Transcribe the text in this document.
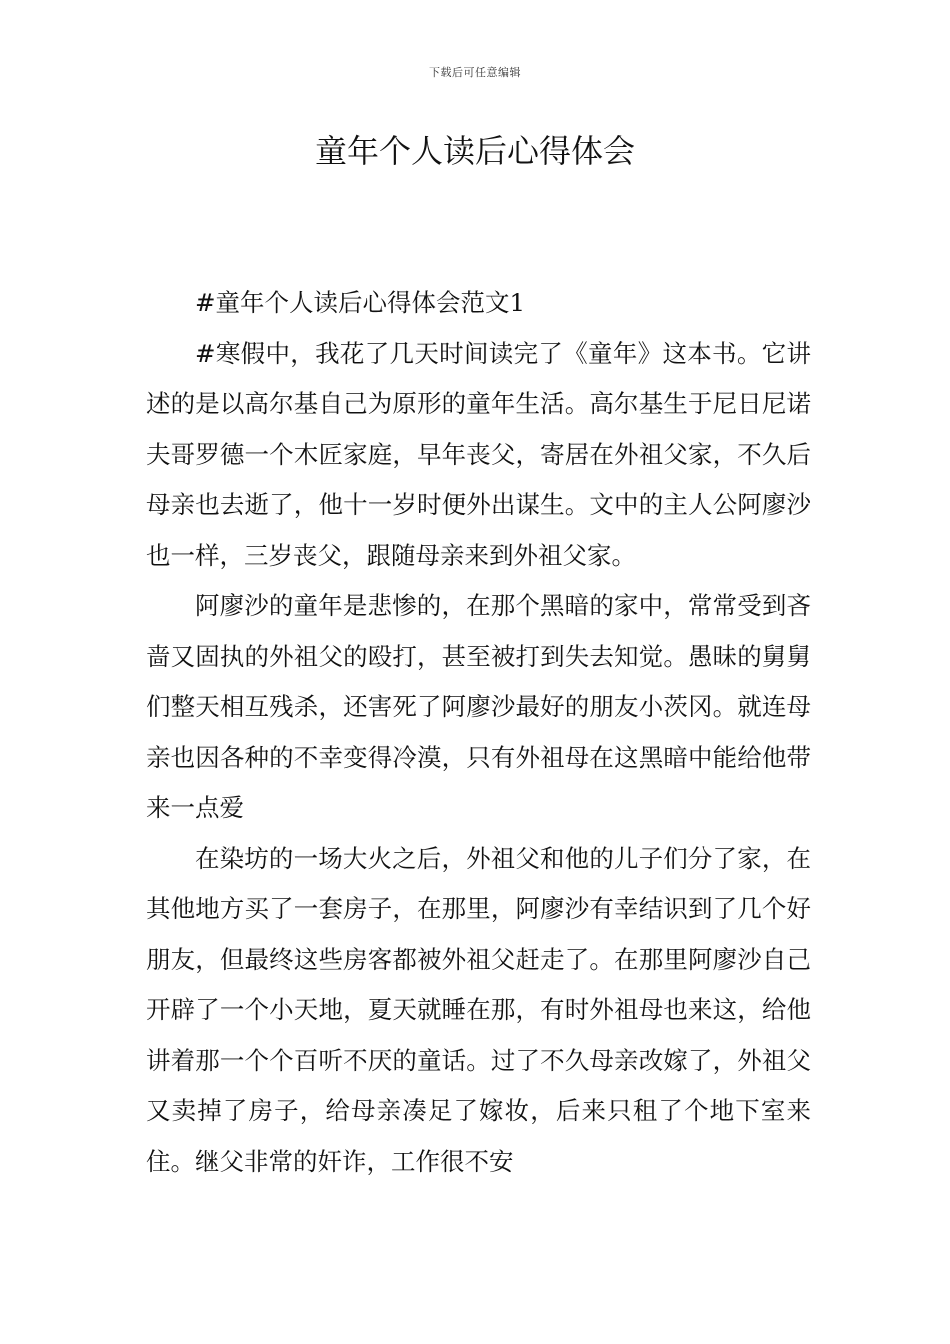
下载后可任意编辑
童年个人读后心得体会

#童年个人读后心得体会范文1

#寒假中，我花了几天时间读完了《童年》这本书。它讲述的是以高尔基自己为原形的童年生活。高尔基生于尼日尼诺夫哥罗德一个木匠家庭，早年丧父，寄居在外祖父家，不久后母亲也去逝了，他十一岁时便外出谋生。文中的主人公阿廖沙也一样，三岁丧父，跟随母亲来到外祖父家。

阿廖沙的童年是悲惨的，在那个黑暗的家中，常常受到吝啬又固执的外祖父的殴打，甚至被打到失去知觉。愚昧的舅舅们整天相互残杀，还害死了阿廖沙最好的朋友小茨冈。就连母亲也因各种的不幸变得冷漠，只有外祖母在这黑暗中能给他带来一点爱

在染坊的一场大火之后，外祖父和他的儿子们分了家，在其他地方买了一套房子，在那里，阿廖沙有幸结识到了几个好朋友，但最终这些房客都被外祖父赶走了。在那里阿廖沙自己开辟了一个小天地，夏天就睡在那，有时外祖母也来这，给他讲着那一个个百听不厌的童话。过了不久母亲改嫁了，外祖父又卖掉了房子，给母亲凑足了嫁妆，后来只租了个地下室来住。继父非常的奸诈，工作很不安
